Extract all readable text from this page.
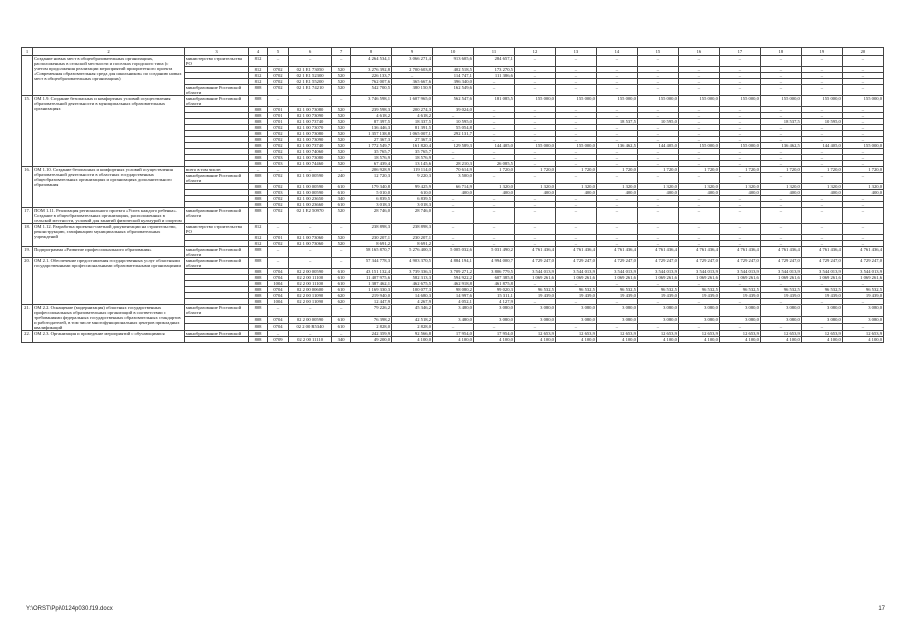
1	2	3	4	5	6	7	8	9	10	11	12	13	14	15	16	17	18	19	20
	Создание новых мест в общеобразовательных организациях, расположенных в сельской местности и поселках городского типа (с учетом продолжения реализации мероприятий приоритетного проекта «Современная образовательная среда для школьников» по созданию новых мест в общеобразовательных организациях)	министерство строительства РО	812	–	–	–	4 264 534,1	3 066 271,4	913 605,6	284 657,1	–	–	–	–	–	–	–	–	–
			812	0702	02 1 Е1 73050	520	3 276 392,8	2 700 603,8	402 518,5	173 270,5	–	–	–	–	–	–	–	–	–
			812	0702	02 1 Е1 52300	520	226 133,7	–	114 747,1	111 386,6	–	–	–	–	–	–	–	–	–
			812	0702	02 1 Е1 55200	520	762 007,6	365 667,6	396 340,0	–	–	–	–	–	–	–	–	–	–
		минобразование Ростовской области	808	0702	02 1 Е1 74210	520	542 700,5	380 150,9	162 549,6	–	–	–	–	–	–	–	–	–	–
15.	ОМ 1.9. Создание безопасных и комфортных условий осуществления образовательной деятельности в муниципальных образовательных организациях	минобразование Ростовской области	808	–	–	–	3 746 598,1	1 607 965,0	562 547,6	181 085,5	155 000,0	155 000,0	155 000,0	155 000,0	155 000,0	155 000,0	155 000,0	155 000,0	155 000,0
			808	0701	02 1 00 73080	520	239 598,3	200 274,3	39 024,0	–	–	–	–	–	–	–	–	–	–
			808	0701	02 1 00 73090	520	4 618,2	4 618,2	–	–	–	–	–	–	–	–	–	–	–
			808	0701	02 1 00 73740	520	87 397,5	18 337,5	10 595,0	–	–	–	18 537,5	10 595,0	–	–	18 537,5	10 595,0	–
			808	0702	02 1 00 73070	520	136 446,3	81 391,5	55 054,8	–	–	–	–	–	–	–	–	–	–
			808	0702	02 1 00 73080	520	1 357 138,8	1 065 007,1	292 131,7	–	–	–	–	–	–	–	–	–	–
			808	0702	02 1 00 73090	520	27 367,3	27 367,3	–	–	–	–	–	–	–	–	–	–	–
			808	0702	02 1 00 73740	520	1 772 549,7	161 820,4	129 589,3	144 405,0	155 000,0	155 000,0	136 462,5	144 405,0	155 000,0	155 000,0	136 462,5	144 405,0	155 000,0
			808	0702	02 1 00 74060	520	35 765,7	35 765,7	–	–	–	–	–	–	–	–	–	–	–
			808	0703	02 1 00 73080	520	18 576,9	18 576,9	–	–	–	–	–	–	–	–	–	–	–
			808	0703	02 1 00 74460	520	67 439,4	13 145,6	28 210,3	26 085,5	–	–	–	–	–	–	–	–	–
16.	ОМ 1.10. Создание безопасных и комфортных условий осуществления образовательной деятельности в областных государственных общеобразовательных организациях и организациях дополнительного образования	всего в том числе:	–	–	–	–	206 928,9	119 114,0	70 614,9	1 720,0	1 720,0	1 720,0	1 720,0	1 720,0	1 720,0	1 720,0	1 720,0	1 720,0	1 720,0
		минобразование Ростовской области	808	0702	02 1 00 00590	240	12 720,3	9 220,3	3 500,0	–	–	–	–	–	–	–	–	–	–
			808	0702	02 1 00 00590	610	179 340,8	99 425,9	66 714,9	1 320,0	1 320,0	1 320,0	1 320,0	1 320,0	1 320,0	1 320,0	1 320,0	1 320,0	1 320,0
			808	0703	02 1 00 00590	610	5 010,0	610,0	400,0	400,0	400,0	400,0	400,0	400,0	400,0	400,0	400,0	400,0	400,0
			808	0702	02 1 00 23650	340	6 839,5	6 839,5	–	–	–	–	–	–	–	–	–	–	–
			808	0702	02 1 00 23660	610	3 018,3	3 018,3	–	–	–	–	–	–	–	–	–	–	–
17.	ПОМ 1.11. Реализация регионального проекта «Успех каждого ребенка». Создание в общеобразовательных организациях, расположенных в сельской местности, условий для занятий физической культурой и спортом	минобразование Ростовской области	808	0702	02 1 Е2 50970	520	28 746,0	28 746,0	–	–	–	–	–	–	–	–	–	–	–
18.	ОМ 1.12. Разработка проектно-сметной документации на строительство, реконструкцию, газификацию муниципальных образовательных учреждений	министерство строительства РО	812	–	–	–	238 898,3	238 898,3	–	–	–	–	–	–	–	–	–	–	–
			812	0701	02 1 00 73060	520	230 207,1	230 207,1	–	–	–	–	–	–	–	–	–	–	–
			812	0702	02 1 00 73060	520	8 691,2	8 691,2	–	–	–	–	–	–	–	–	–	–	–
19.	Подпрограмма «Развитие профессионального образования»	минобразование Ростовской области	808	–	–	–	58 165 870,7	5 276 400,3	5 005 032,6	5 031 490,2	4 761 436,4	4 761 436,4	4 761 436,4	4 761 436,4	4 761 436,4	4 761 436,4	4 761 436,4	4 761 436,4	4 761 436,4
20.	ОМ 2.1. Обеспечение предоставления государственных услуг областными государственными профессиональными образовательными организациями	минобразование Ростовской области	808	–	–	–	57 344 778,3	4 903 370,5	4 884 194,1	4 994 000,7	4 729 247,0	4 729 247,0	4 729 247,0	4 729 247,0	4 729 247,0	4 729 247,0	4 729 247,0	4 729 247,0	4 729 247,0
			808	0704	02 2 00 00590	610	43 151 132,4	3 739 336,3	3 709 271,2	3 806 779,5	3 544 013,9	3 544 013,9	3 544 013,9	3 544 013,9	3 544 013,9	3 544 013,9	3 544 013,9	3 544 013,9	3 544 013,9
			808	0704	02 2 00 11100	610	11 407 975,6	582 313,3	594 922,2	607 385,8	1 069 261,6	1 069 261,6	1 069 261,6	1 069 261,6	1 069 261,6	1 069 261,6	1 069 261,6	1 069 261,6	1 069 261,6
			808	1004	02 2 00 11100	610	1 387 462,1	462 675,5	462 918,8	461 875,8	–	–	–	–	–	–	–	–	–
			808	0704	02 2 00 00600	610	1 169 330,3	100 077,3	98 080,2	99 020,3	96 532,5	96 532,5	96 532,5	96 532,5	96 532,5	96 532,5	96 532,5	96 532,5	96 532,5
			808	0704	02 2 00 11090	620	219 940,0	14 680,3	14 997,6	15 311,1	19 439,0	19 439,0	19 439,0	19 439,0	19 439,0	19 439,0	19 439,0	19 439,0	19 439,0
			808	1004	02 2 00 11090	620	12 447,9	4 267,9	4 052,1	4 127,9	–	–	–	–	–	–	–	–	–
21.	ОМ 2.2. Оснащение (модернизация) областных государственных профессиональных образовательных организаций в соответствии с требованиями федеральных государственных образовательных стандартов и работодателей, в том числе многофункциональных центров прикладных квалификаций	минобразование Ростовской области	808	–	–	–	79 226,2	45 346,2	3 480,0	3 080,0	3 080,0	3 080,0	3 080,0	3 080,0	3 080,0	3 080,0	3 080,0	3 080,0	3 080,0
			808	0704	02 2 00 00590	610	76 398,2	42 518,2	3 480,0	3 080,0	3 080,0	3 080,0	3 080,0	3 080,0	3 080,0	3 080,0	3 080,0	3 080,0	3 080,0
			808	0704	02 2 00 R5340	610	2 828,0	2 828,0	–	–	–	–	–	–	–	–	–	–	–
22.	ОМ 2.3. Организация и проведение мероприятий с обучающимися	минобразование Ростовской	808	–	–	–	242 359,9	92 566,8	17 954,0	17 954,0	12 653,9	12 653,9	12 653,9	12 653,9	12 653,9	12 653,9	12 653,9	12 653,9	12 653,9
			808	0709	02 2 00 11110	340	49 200,0	4 100,0	4 100,0	4 100,0	4 100,0	4 100,0	4 100,0	4 100,0	4 100,0	4 100,0	4 100,0	4 100,0	4 100,0
Y:\ORST\Ppi\0124p030.f19.docx	17
